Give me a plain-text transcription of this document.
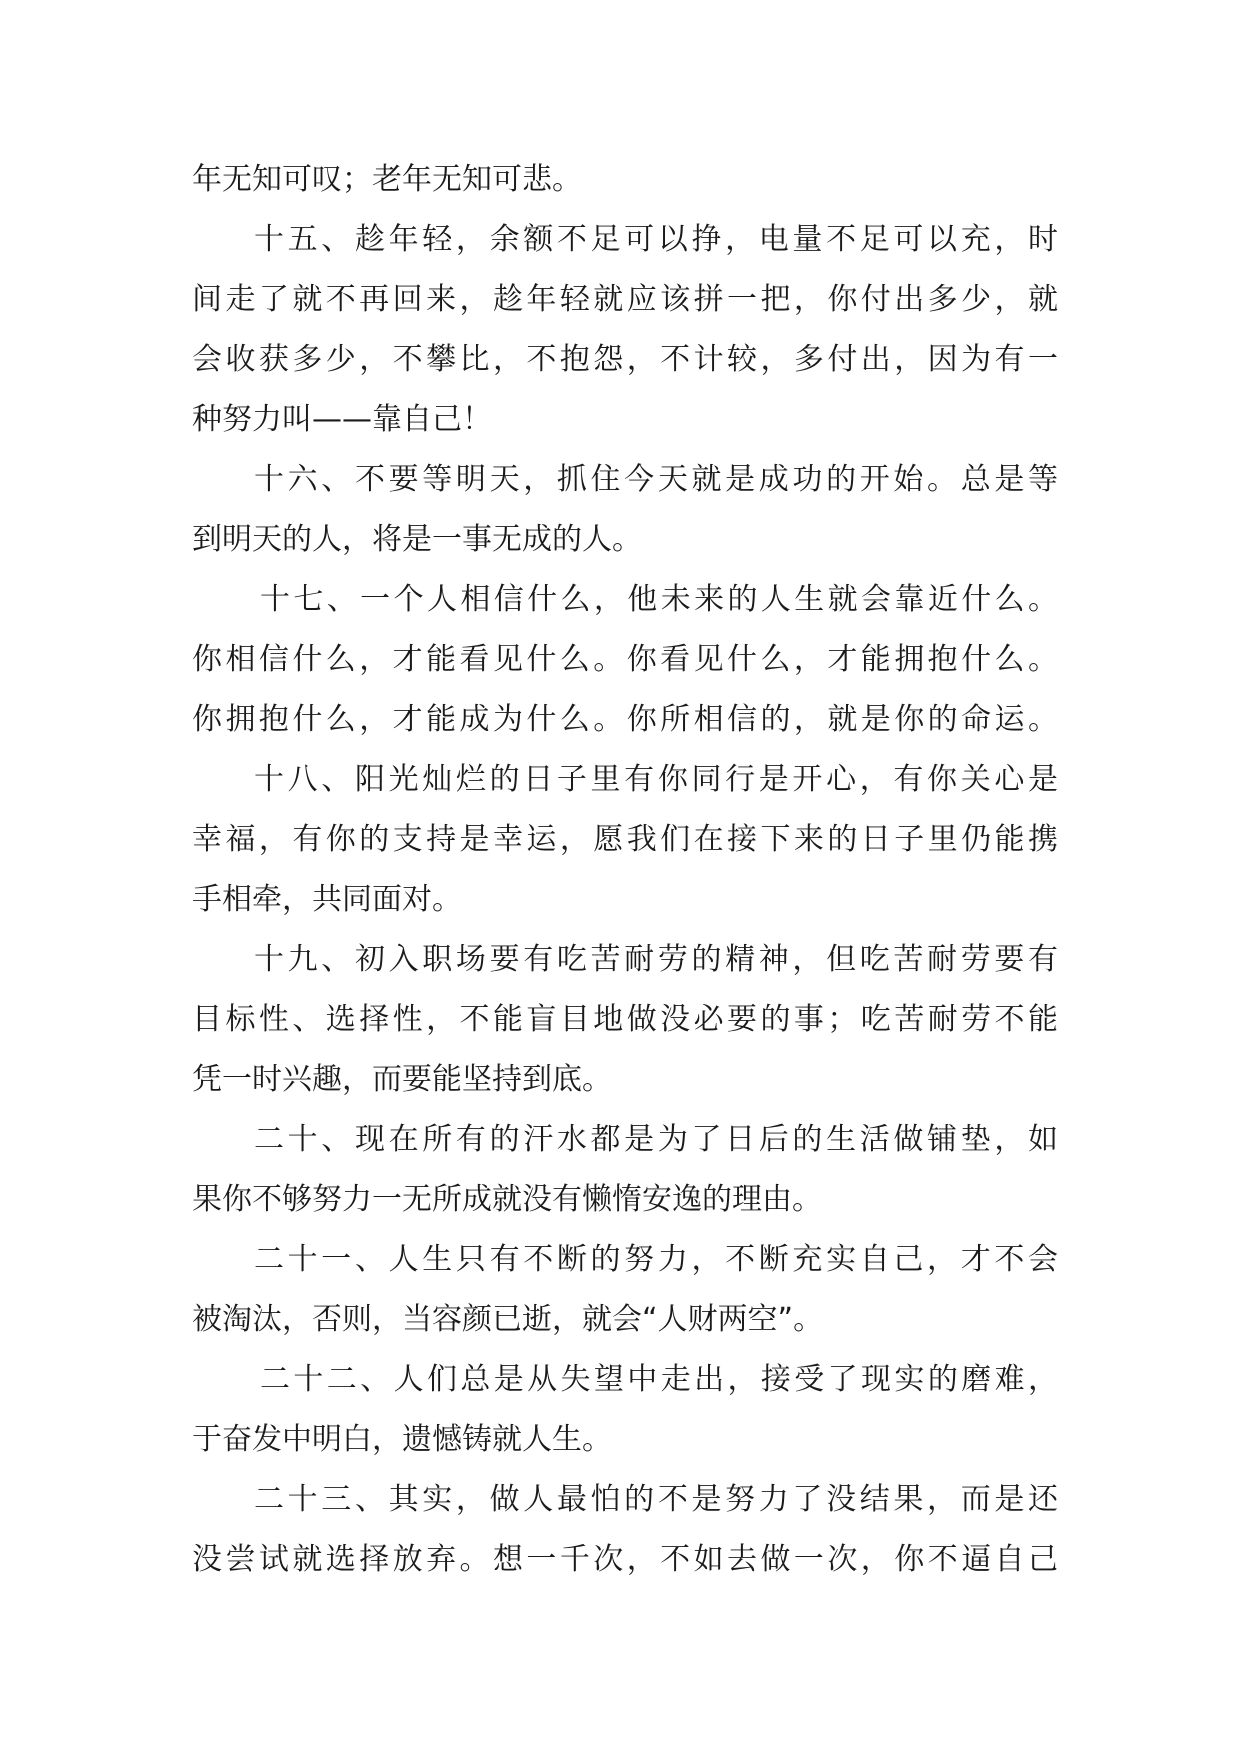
年无知可叹；老年无知可悲。
十五、趁年轻，余额不足可以挣，电量不足可以充，时
间走了就不再回来，趁年轻就应该拼一把，你付出多少，就
会收获多少，不攀比，不抱怨，不计较，多付出，因为有一
种努力叫——靠自己！
十六、不要等明天，抓住今天就是成功的开始。总是等
到明天的人，将是一事无成的人。
十七、一个人相信什么，他未来的人生就会靠近什么。
你相信什么，才能看见什么。你看见什么，才能拥抱什么。
你拥抱什么，才能成为什么。你所相信的，就是你的命运。
十八、阳光灿烂的日子里有你同行是开心，有你关心是
幸福，有你的支持是幸运，愿我们在接下来的日子里仍能携
手相牵，共同面对。
十九、初入职场要有吃苦耐劳的精神，但吃苦耐劳要有
目标性、选择性，不能盲目地做没必要的事；吃苦耐劳不能
凭一时兴趣，而要能坚持到底。
二十、现在所有的汗水都是为了日后的生活做铺垫，如
果你不够努力一无所成就没有懒惰安逸的理由。
二十一、人生只有不断的努力，不断充实自己，才不会
被淘汰，否则，当容颜已逝，就会“人财两空”。
二十二、人们总是从失望中走出，接受了现实的磨难，
于奋发中明白，遗憾铸就人生。
二十三、其实，做人最怕的不是努力了没结果，而是还
没尝试就选择放弃。想一千次，不如去做一次，你不逼自己
